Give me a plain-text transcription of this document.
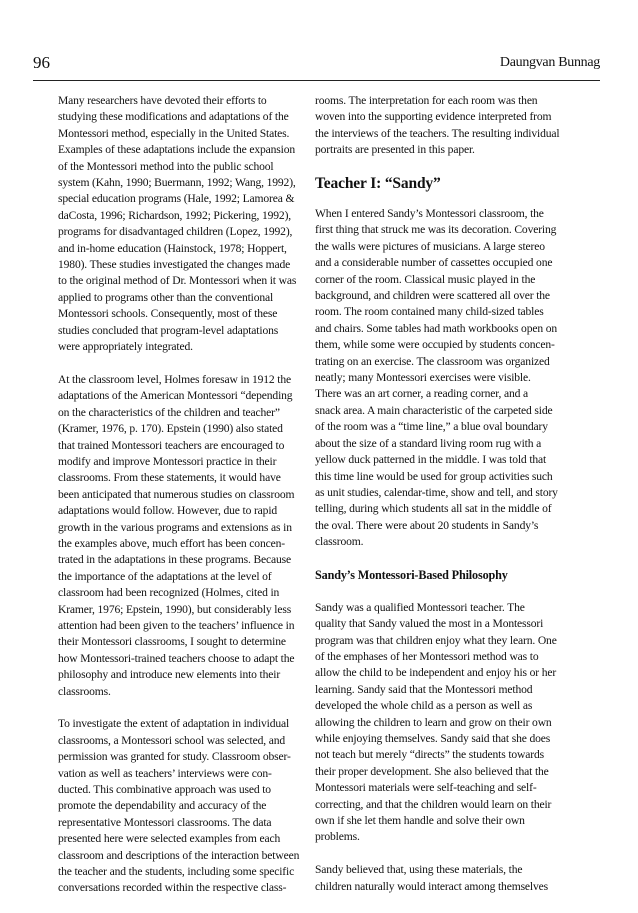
96	Daungvan Bunnag

Many researchers have devoted their efforts to
studying these modifications and adaptations of the
Montessori method, especially in the United States.
Examples of these adaptations include the expansion
of the Montessori method into the public school
system (Kahn, 1990; Buermann, 1992; Wang, 1992),
special education programs (Hale, 1992; Lamorea &
daCosta, 1996; Richardson, 1992; Pickering, 1992),
programs for disadvantaged children (Lopez, 1992),
and in-home education (Hainstock, 1978; Hoppert,
1980). These studies investigated the changes made
to the original method of Dr. Montessori when it was
applied to programs other than the conventional
Montessori schools. Consequently, most of these
studies concluded that program-level adaptations
were appropriately integrated.

At the classroom level, Holmes foresaw in 1912 the
adaptations of the American Montessori “depending
on the characteristics of the children and teacher”
(Kramer, 1976, p. 170). Epstein (1990) also stated
that trained Montessori teachers are encouraged to
modify and improve Montessori practice in their
classrooms. From these statements, it would have
been anticipated that numerous studies on classroom
adaptations would follow. However, due to rapid
growth in the various programs and extensions as in
the examples above, much effort has been concen-
trated in the adaptations in these programs. Because
the importance of the adaptations at the level of
classroom had been recognized (Holmes, cited in
Kramer, 1976; Epstein, 1990), but considerably less
attention had been given to the teachers’ influence in
their Montessori classrooms, I sought to determine
how Montessori-trained teachers choose to adapt the
philosophy and introduce new elements into their
classrooms.

To investigate the extent of adaptation in individual
classrooms, a Montessori school was selected, and
permission was granted for study. Classroom obser-
vation as well as teachers’ interviews were con-
ducted. This combinative approach was used to
promote the dependability and accuracy of the
representative Montessori classrooms. The data
presented here were selected examples from each
classroom and descriptions of the interaction between
the teacher and the students, including some specific
conversations recorded within the respective class-

rooms. The interpretation for each room was then
woven into the supporting evidence interpreted from
the interviews of the teachers. The resulting individual
portraits are presented in this paper.

Teacher I: “Sandy”

When I entered Sandy’s Montessori classroom, the
first thing that struck me was its decoration. Covering
the walls were pictures of musicians. A large stereo
and a considerable number of cassettes occupied one
corner of the room. Classical music played in the
background, and children were scattered all over the
room. The room contained many child-sized tables
and chairs. Some tables had math workbooks open on
them, while some were occupied by students concen-
trating on an exercise. The classroom was organized
neatly; many Montessori exercises were visible.
There was an art corner, a reading corner, and a
snack area. A main characteristic of the carpeted side
of the room was a “time line,” a blue oval boundary
about the size of a standard living room rug with a
yellow duck patterned in the middle. I was told that
this time line would be used for group activities such
as unit studies, calendar-time, show and tell, and story
telling, during which students all sat in the middle of
the oval. There were about 20 students in Sandy’s
classroom.

Sandy’s Montessori-Based Philosophy

Sandy was a qualified Montessori teacher. The
quality that Sandy valued the most in a Montessori
program was that children enjoy what they learn. One
of the emphases of her Montessori method was to
allow the child to be independent and enjoy his or her
learning. Sandy said that the Montessori method
developed the whole child as a person as well as
allowing the children to learn and grow on their own
while enjoying themselves. Sandy said that she does
not teach but merely “directs” the students towards
their proper development. She also believed that the
Montessori materials were self-teaching and self-
correcting, and that the children would learn on their
own if she let them handle and solve their own
problems.

Sandy believed that, using these materials, the
children naturally would interact among themselves
